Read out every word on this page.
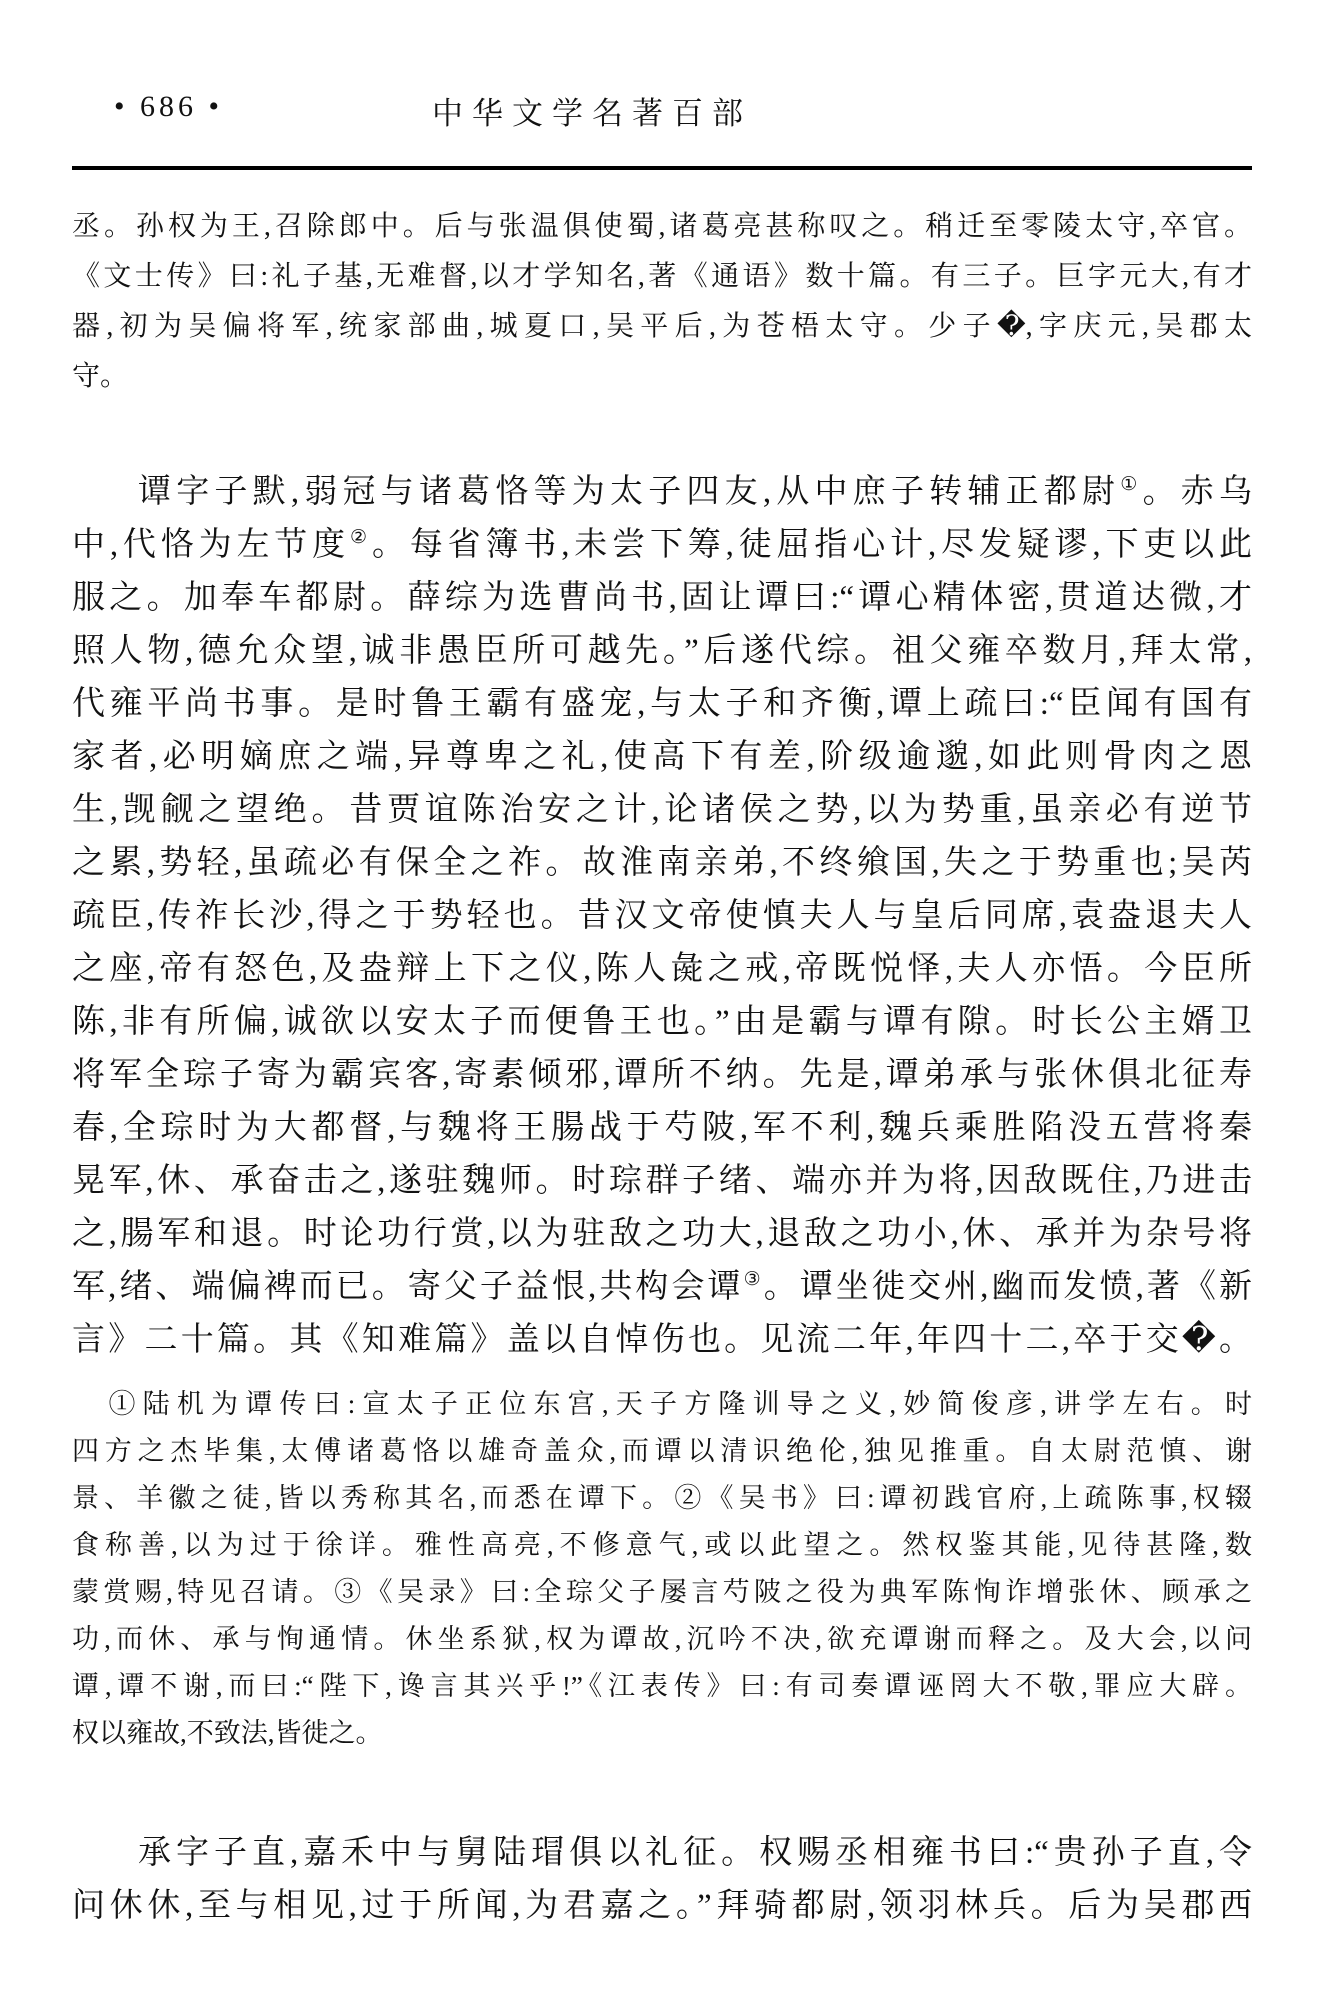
• 686 •	中华文学名著百部
丞。孙权为王,召除郎中。后与张温俱使蜀,诸葛亮甚称叹之。稍迁至零陵太守,卒官。
《文士传》曰:礼子基,无难督,以才学知名,著《通语》数十篇。有三子。巨字元大,有才
器,初为吴偏将军,统家部曲,城夏口,吴平后,为苍梧太守。少子�,字庆元,吴郡太
守。
谭字子默,弱冠与诸葛恪等为太子四友,从中庶子转辅正都尉①。赤乌
中,代恪为左节度②。每省簿书,未尝下筹,徒屈指心计,尽发疑谬,下吏以此
服之。加奉车都尉。薛综为选曹尚书,固让谭曰:“谭心精体密,贯道达微,才
照人物,德允众望,诚非愚臣所可越先。”后遂代综。祖父雍卒数月,拜太常,
代雍平尚书事。是时鲁王霸有盛宠,与太子和齐衡,谭上疏曰:“臣闻有国有
家者,必明嫡庶之端,异尊卑之礼,使高下有差,阶级逾邈,如此则骨肉之恩
生,觊觎之望绝。昔贾谊陈治安之计,论诸侯之势,以为势重,虽亲必有逆节
之累,势轻,虽疏必有保全之祚。故淮南亲弟,不终飨国,失之于势重也;吴芮
疏臣,传祚长沙,得之于势轻也。昔汉文帝使慎夫人与皇后同席,袁盎退夫人
之座,帝有怒色,及盎辩上下之仪,陈人彘之戒,帝既悦怿,夫人亦悟。今臣所
陈,非有所偏,诚欲以安太子而便鲁王也。”由是霸与谭有隙。时长公主婿卫
将军全琮子寄为霸宾客,寄素倾邪,谭所不纳。先是,谭弟承与张休俱北征寿
春,全琮时为大都督,与魏将王腸战于芍陂,军不利,魏兵乘胜陷没五营将秦
晃军,休、承奋击之,遂驻魏师。时琮群子绪、端亦并为将,因敌既住,乃进击
之,腸军和退。时论功行赏,以为驻敌之功大,退敌之功小,休、承并为杂号将
军,绪、端偏裨而已。寄父子益恨,共构会谭③。谭坐徙交州,幽而发愤,著《新
言》二十篇。其《知难篇》盖以自悼伤也。见流二年,年四十二,卒于交�。
①陆机为谭传曰:宣太子正位东宫,天子方隆训导之义,妙简俊彦,讲学左右。时
四方之杰毕集,太傅诸葛恪以雄奇盖众,而谭以清识绝伦,独见推重。自太尉范慎、谢
景、羊徽之徒,皆以秀称其名,而悉在谭下。②《吴书》曰:谭初践官府,上疏陈事,权辍
食称善,以为过于徐详。雅性高亮,不修意气,或以此望之。然权鉴其能,见待甚隆,数
蒙赏赐,特见召请。③《吴录》曰:全琮父子屡言芍陂之役为典军陈恂诈增张休、顾承之
功,而休、承与恂通情。休坐系狱,权为谭故,沉吟不决,欲充谭谢而释之。及大会,以问
谭,谭不谢,而曰:“陛下,谗言其兴乎!”《江表传》曰:有司奏谭诬罔大不敬,罪应大辟。
权以雍故,不致法,皆徙之。
承字子直,嘉禾中与舅陆瑁俱以礼征。权赐丞相雍书曰:“贵孙子直,令
问休休,至与相见,过于所闻,为君嘉之。”拜骑都尉,领羽林兵。后为吴郡西
